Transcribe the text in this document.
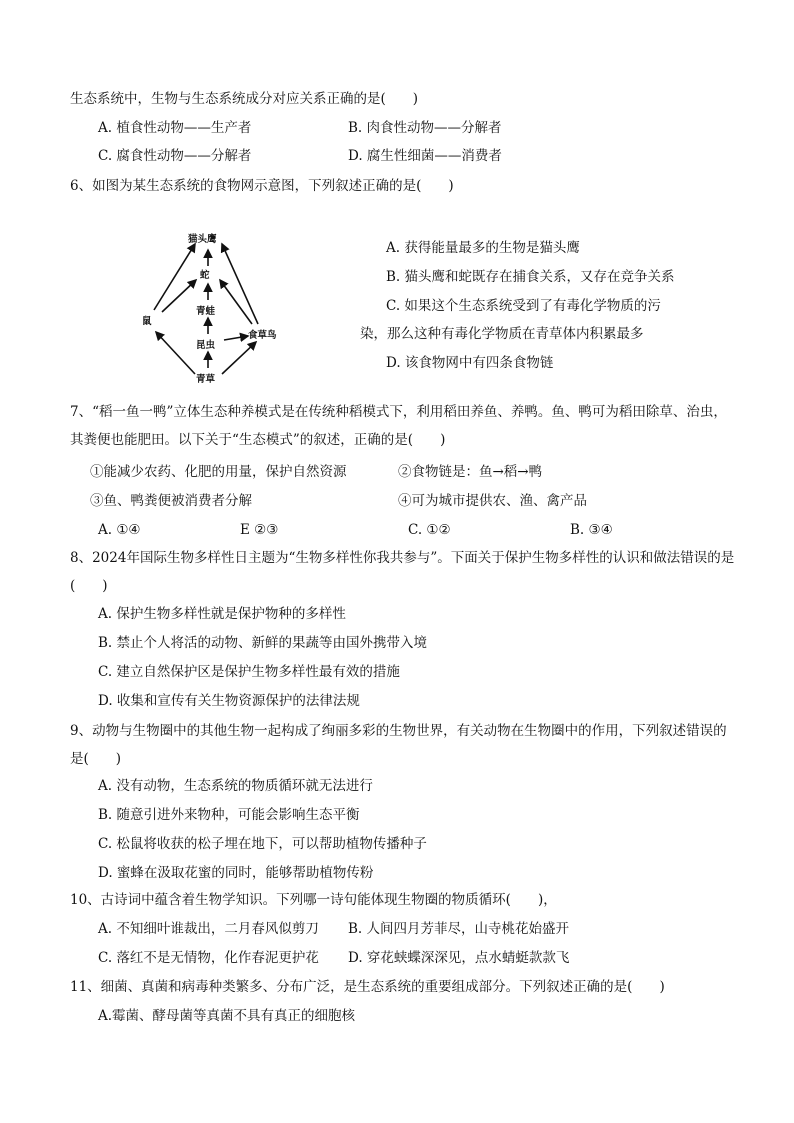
生态系统中，生物与生态系统成分对应关系正确的是(　　)
A. 植食性动物——生产者	B. 肉食性动物——分解者
C. 腐食性动物——分解者	D. 腐生性细菌——消费者
6、如图为某生态系统的食物网示意图，下列叙述正确的是(　　)
猫头鹰
蛇
青蛙
鼠
昆虫
食草鸟
青草
A. 获得能量最多的生物是猫头鹰
B. 猫头鹰和蛇既存在捕食关系，又存在竞争关系
C. 如果这个生态系统受到了有毒化学物质的污
染，那么这种有毒化学物质在青草体内积累最多
D. 该食物网中有四条食物链
7、“稻一鱼一鸭”立体生态种养模式是在传统种稻模式下，利用稻田养鱼、养鸭。鱼、鸭可为稻田除草、治虫，其粪便也能肥田。以下关于“生态模式”的叙述，正确的是(　　)
①能减少农药、化肥的用量，保护自然资源	②食物链是：鱼→稻→鸭
③鱼、鸭粪便被消费者分解	④可为城市提供农、渔、禽产品
A. ①④	E ②③	C. ①②	B. ③④
8、2024年国际生物多样性日主题为“生物多样性你我共参与”。下面关于保护生物多样性的认识和做法错误的是(　　)
A. 保护生物多样性就是保护物种的多样性
B. 禁止个人将活的动物、新鲜的果蔬等由国外携带入境
C. 建立自然保护区是保护生物多样性最有效的措施
D. 收集和宣传有关生物资源保护的法律法规
9、动物与生物圈中的其他生物一起构成了绚丽多彩的生物世界，有关动物在生物圈中的作用，下列叙述错误的是(　　)
A. 没有动物，生态系统的物质循环就无法进行
B. 随意引进外来物种，可能会影响生态平衡
C. 松鼠将收获的松子埋在地下，可以帮助植物传播种子
D. 蜜蜂在汲取花蜜的同时，能够帮助植物传粉
10、古诗词中蕴含着生物学知识。下列哪一诗句能体现生物圈的物质循环(　　)，
A. 不知细叶谁裁出，二月春风似剪刀 B. 人间四月芳菲尽，山寺桃花始盛开
C. 落红不是无情物，化作春泥更护花 D. 穿花蛱蝶深深见，点水蜻蜓款款飞
11、细菌、真菌和病毒种类繁多、分布广泛，是生态系统的重要组成部分。下列叙述正确的是(　　)
A.霉菌、酵母菌等真菌不具有真正的细胞核
